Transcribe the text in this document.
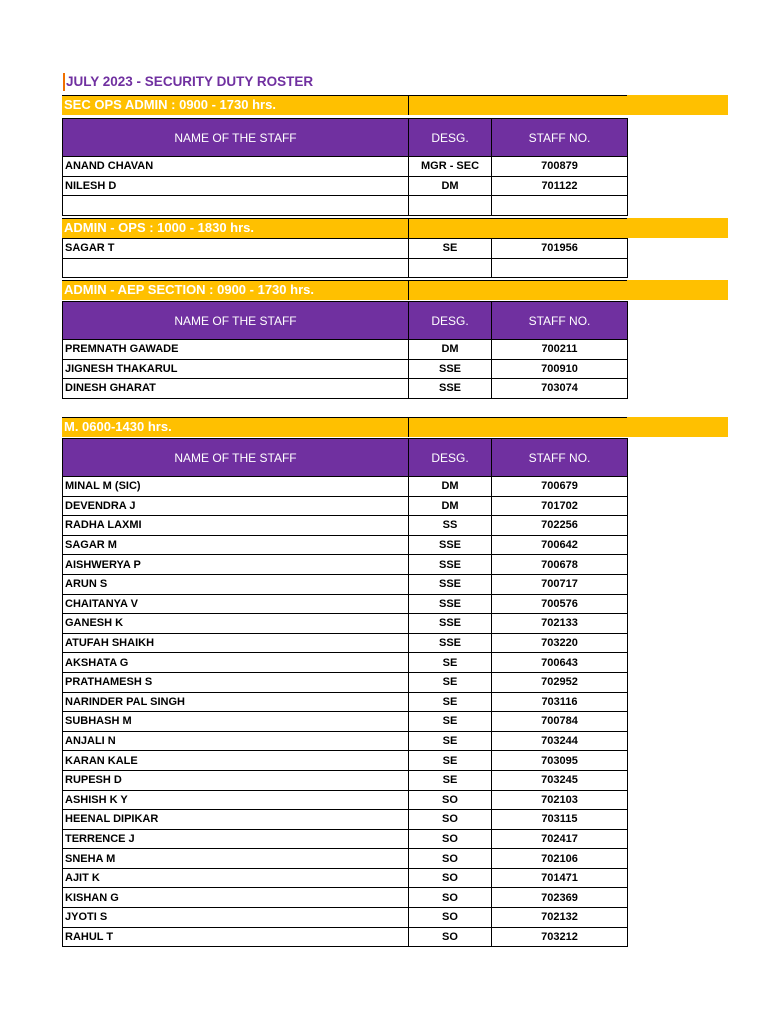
JULY 2023 - SECURITY DUTY ROSTER
SEC OPS ADMIN : 0900 - 1730 hrs.
NAME OF THE STAFF	DESG.	STAFF NO.
ANAND CHAVAN	MGR - SEC	700879
NILESH D	DM	701122

ADMIN - OPS : 1000 - 1830 hrs.
SAGAR T	SE	701956

ADMIN - AEP SECTION : 0900 - 1730 hrs.
NAME OF THE STAFF	DESG.	STAFF NO.
PREMNATH GAWADE	DM	700211
JIGNESH THAKARUL	SSE	700910
DINESH GHARAT	SSE	703074
M. 0600-1430 hrs.
NAME OF THE STAFF	DESG.	STAFF NO.
MINAL M (SIC)	DM	700679
DEVENDRA J	DM	701702
RADHA LAXMI	SS	702256
SAGAR M	SSE	700642
AISHWERYA P	SSE	700678
ARUN S	SSE	700717
CHAITANYA V	SSE	700576
GANESH K	SSE	702133
ATUFAH SHAIKH	SSE	703220
AKSHATA G	SE	700643
PRATHAMESH S	SE	702952
NARINDER PAL SINGH	SE	703116
SUBHASH M	SE	700784
ANJALI N	SE	703244
KARAN KALE	SE	703095
RUPESH D	SE	703245
ASHISH K Y	SO	702103
HEENAL DIPIKAR	SO	703115
TERRENCE J	SO	702417
SNEHA M	SO	702106
AJIT K	SO	701471
KISHAN G	SO	702369
JYOTI S	SO	702132
RAHUL T	SO	703212
